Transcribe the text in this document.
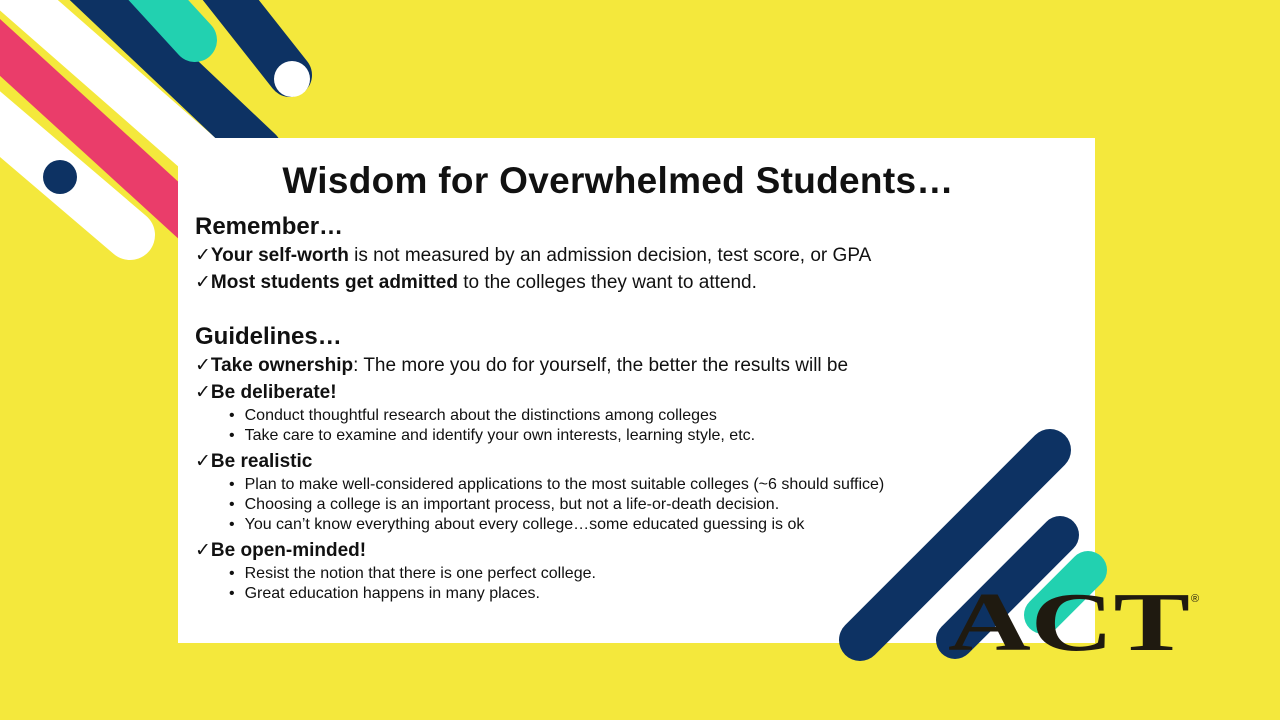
Wisdom for Overwhelmed Students…

Remember…

✓Your self-worth is not measured by an admission decision, test score, or GPA

✓Most students get admitted to the colleges they want to attend.

Guidelines…

✓Take ownership: The more you do for yourself, the better the results will be

✓Be deliberate!

• Conduct thoughtful research about the distinctions among colleges
• Take care to examine and identify your own interests, learning style, etc.

✓Be realistic

• Plan to make well-considered applications to the most suitable colleges (~6 should suffice)
• Choosing a college is an important process, but not a life-or-death decision.
• You can’t know everything about every college…some educated guessing is ok

✓Be open-minded!

• Resist the notion that there is one perfect college.
• Great education happens in many places.	ACT ®
